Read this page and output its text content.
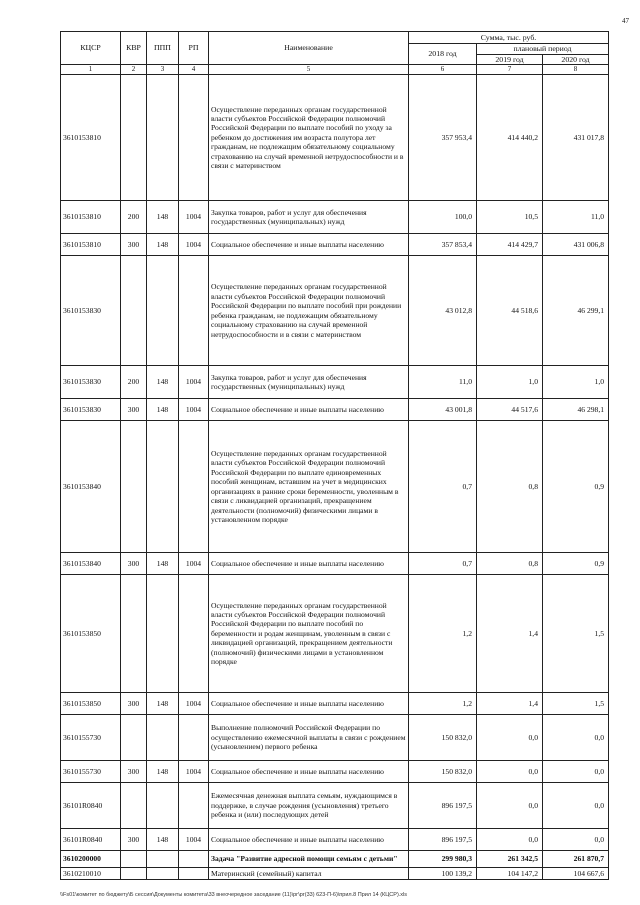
47
КЦСР	КВР	ППП	РП	Наименование	Сумма, тыс. руб.		
					2018 год	плановый период	
						2019 год	2020 год
1	2	3	4	5	6	7	8
3610153810				Осуществление переданных органам государственной власти субъектов Российской Федерации полномочий Российской Федерации по выплате пособий по уходу за ребенком до достижения им возраста полутора лет гражданам, не подлежащим обязательному социальному страхованию на случай временной нетрудоспособности и в связи с материнством	357 953,4	414 440,2	431 017,8
3610153810	200	148	1004	Закупка товаров, работ и услуг для обеспечения государственных (муниципальных) нужд	100,0	10,5	11,0
3610153810	300	148	1004	Социальное обеспечение и иные выплаты населению	357 853,4	414 429,7	431 006,8
3610153830				Осуществление переданных органам государственной власти субъектов Российской Федерации полномочий Российской Федерации по выплате пособий при рождении ребенка гражданам, не подлежащим обязательному социальному страхованию на случай временной нетрудоспособности и в связи с материнством	43 012,8	44 518,6	46 299,1
3610153830	200	148	1004	Закупка товаров, работ и услуг для обеспечения государственных (муниципальных) нужд	11,0	1,0	1,0
3610153830	300	148	1004	Социальное обеспечение и иные выплаты населению	43 001,8	44 517,6	46 298,1
3610153840				Осуществление переданных органам государственной власти субъектов Российской Федерации полномочий Российской Федерации по выплате единовременных пособий женщинам, вставшим на учет в медицинских организациях в ранние сроки беременности, уволенным в связи с ликвидацией организаций, прекращением деятельности (полномочий) физическими лицами в установленном порядке	0,7	0,8	0,9
3610153840	300	148	1004	Социальное обеспечение и иные выплаты населению	0,7	0,8	0,9
3610153850				Осуществление переданных органам государственной власти субъектов Российской Федерации полномочий Российской Федерации по выплате пособий по беременности и родам женщинам, уволенным в связи с ликвидацией организаций, прекращением деятельности (полномочий) физическими лицами в установленном порядке	1,2	1,4	1,5
3610153850	300	148	1004	Социальное обеспечение и иные выплаты населению	1,2	1,4	1,5
3610155730				Выполнение полномочий Российской Федерации по осуществлению ежемесячной выплаты в связи с рождением (усыновлением) первого ребенка	150 832,0	0,0	0,0
3610155730	300	148	1004	Социальное обеспечение и иные выплаты населению	150 832,0	0,0	0,0
36101R0840				Ежемесячная денежная выплата семьям, нуждающимся в поддержке, в случае рождения (усыновления) третьего ребенка и (или) последующих детей	896 197,5	0,0	0,0
36101R0840	300	148	1004	Социальное обеспечение и иные выплаты населению	896 197,5	0,0	0,0
3610200000				Задача "Развитие адресной помощи семьям с детьми"	299 980,3	261 342,5	261 870,7
3610210010				Материнский (семейный) капитал	100 139,2	104 147,2	104 667,6
\\Fs01\комитет по бюджету\Б сессия\Документы комитета\33 внеочередное заседание (11)\рг\рг(33) 623-П-6)\прил.8 Прил 14 (КЦСР).xls
